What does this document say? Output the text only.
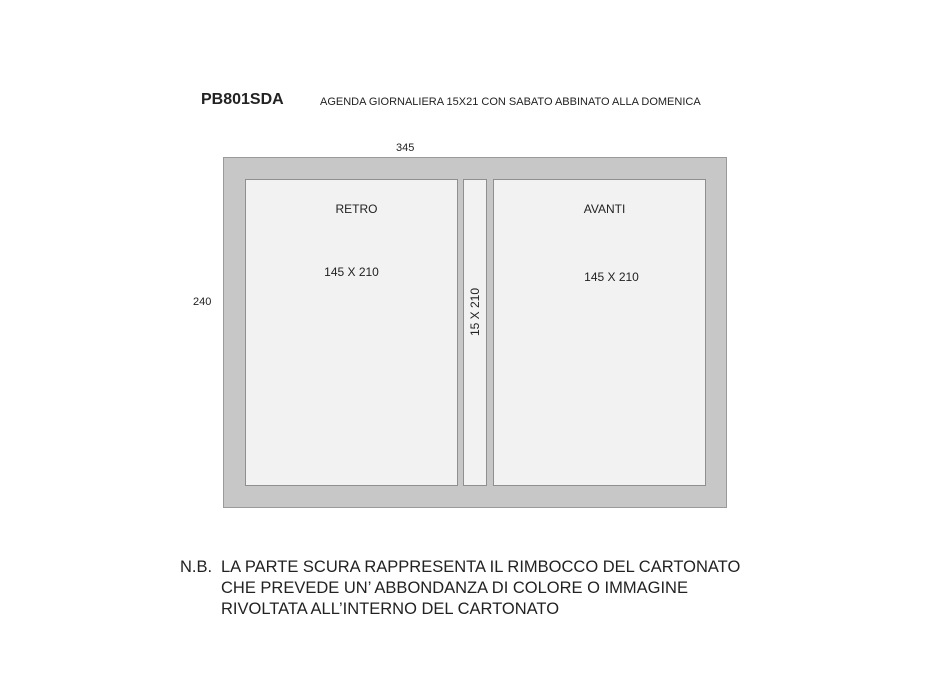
PB801SDA	AGENDA GIORNALIERA 15X21 CON SABATO ABBINATO ALLA DOMENICA
345
240
RETRO
145 X 210
AVANTI
145 X 210
15 X 210
N.B. LA PARTE SCURA RAPPRESENTA IL RIMBOCCO DEL CARTONATO
CHE PREVEDE UN’ ABBONDANZA DI COLORE O IMMAGINE
RIVOLTATA ALL’INTERNO DEL CARTONATO
